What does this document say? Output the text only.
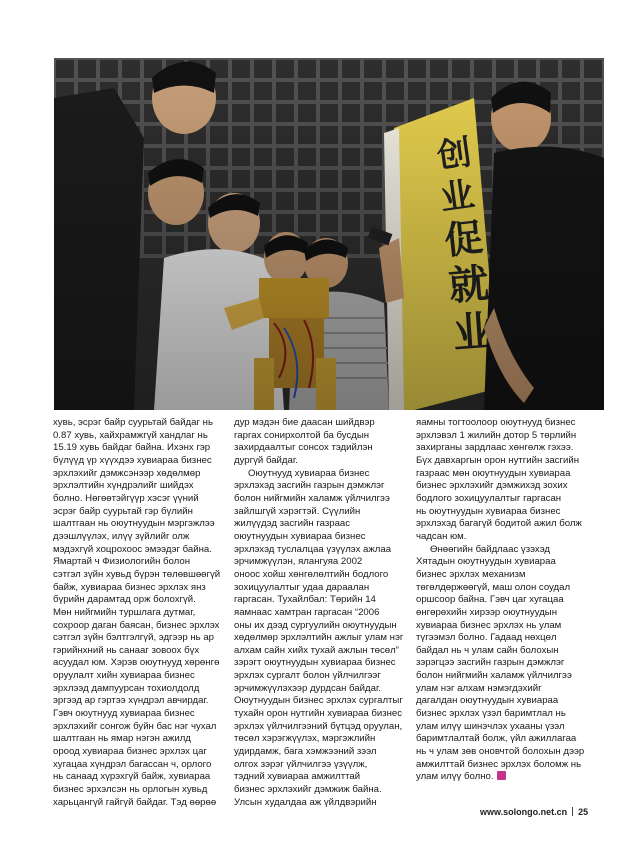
хувь, эсрэг байр суурьтай байдаг нь
0.87 хувь, хайхрамжгүй хандлаг нь
15.19 хувь байдаг байна. Ихэнх гэр
бүлүүд үр хүүхдээ хувиараа бизнес
эрхлэхийг дэмжсэнээр хөдөлмөр
эрхлэлтийн хүндрэлийг шийдэх
болно. Нөгөөтэйгүүр хэсэг үүний
эсрэг байр суурьтай гэр бүлийн
шалтгаан нь оюутнуудын мэргэжлээ
дээшлүүлэх, илүү зүйлийг олж
мэдэхгүй хоцрохоос эмээдэг байна.
Ямартай ч Физиологийн болон
сэтгэл зүйн хувьд бүрэн төлөвшөөгүй
байж, хувиараа бизнес эрхлэх янз
бүрийн дарамтад орж болохгүй.
Мөн нийгмийн туршлага дутмаг,
сохроор даган баясан, бизнес эрхлэх
сэтгэл зүйн бэлтгэлгүй, эдгээр нь ар
гэрийнхний нь санааг зовоох бүх
асуудал юм. Хэрэв оюутнууд хөрөнгө
оруулалт хийн хувиараа бизнес
эрхлээд дампуурсан тохиолдолд
эргээд ар гэртээ хүндрэл авчирдаг.
Гэвч оюутнууд хувиараа бизнес
эрхлэхийг сонгож буйн бас нэг чухал
шалтгаан нь ямар нэгэн ажилд
ороод хувиараа бизнес эрхлэх цаг
хугацаа хүндрэл багассан ч, орлого
нь санаад хүрэхгүй байж, хувиараа
бизнес эрхэлсэн нь орлогын хувьд
харьцангүй гайгүй байдаг. Тэд өөрөө

дур мэдэн бие даасан шийдвэр
гаргах сонирхолтой ба бусдын
захирдаалтыг сонсох тэдийлэн
дургүй байдаг.

Оюутнууд хувиараа бизнес
эрхлэхэд засгийн газрын дэмжлэг
болон нийгмийн халамж үйлчилгээ
зайлшгүй хэрэгтэй. Сүүлийн
жилүүдэд засгийн газраас
оюутнуудын хувиараа бизнес
эрхлэхэд туслалцаа үзүүлэх ажлаа
эрчимжүүлэн, ялангуяа 2002
оноос хойш хөнгөлөлтийн бодлого
зохицуулалтыг удаа дараалан
гаргасан. Тухайлбал: Төрийн 14
яамнаас хамтран гаргасан “2006
оны их дээд сургуулийн оюутнуудын
хөдөлмөр эрхлэлтийн ажлыг улам нэг
алхам сайн хийх тухай ажлын төсөл”
зэрэгт оюутнуудын хувиараа бизнес
эрхлэх сургалт болон үйлчилгээг
эрчимжүүлэхээр дурдсан байдаг.
Оюутнуудын бизнес эрхлэх сургалтыг
тухайн орон нутгийн хувиараа бизнес
эрхлэх үйлчилгээний бүтцэд оруулан,
төсөл хэрэгжүүлэх, мэргэжлийн
удирдамж, бага хэмжээний зээл
олгох зэрэг үйлчилгээ үзүүлж,
тэдний хувиараа амжилттай
бизнес эрхлэхийг дэмжиж байна.
Улсын худалдаа аж үйлдвэрийн

яамны тогтоолоор оюутнууд бизнес
эрхлэвэл 1 жилийн дотор 5 төрлийн
захирганы зардлаас хөнгөлж гэхээ.
Бүх давхаргын орон нутгийн засгийн
газраас мөн оюутнуудын хувиараа
бизнес эрхлэхийг дэмжихэд зохих
бодлого зохицуулалтыг гаргасан
нь оюутнуудын хувиараа бизнес
эрхлэхэд багагүй бодитой ажил болж
чадсан юм.

Өнөөгийн байдлаас үзэхэд
Хятадын оюутнуудын хувиараа
бизнес эрхлэх механизм
төгөлдөржөөгүй, маш олон соудал
оршсоор байна. Гэвч цаг хугацаа
өнгөрөхийн хирээр оюутнуудын
хувиараа бизнес эрхлэх нь улам
түгээмэл болно. Гадаад нөхцөл
байдал нь ч улам сайн болохын
зэрэгцээ засгийн газрын дэмжлэг
болон нийгмийн халамж үйлчилгээ
улам нэг алхам нэмэгдэхийг
дагалдан оюутнуудын хувиараа
бизнес эрхлэх үзэл баримтлал нь
улам илүү шинэчлэх ухааны үзэл
баримтлалтай болж, үйл ажиллагаа
нь ч улам зөв оновчтой болохын дээр
амжилттай бизнес эрхлэх боломж нь
улам илүү болно.

www.solongo.net.cn 25
